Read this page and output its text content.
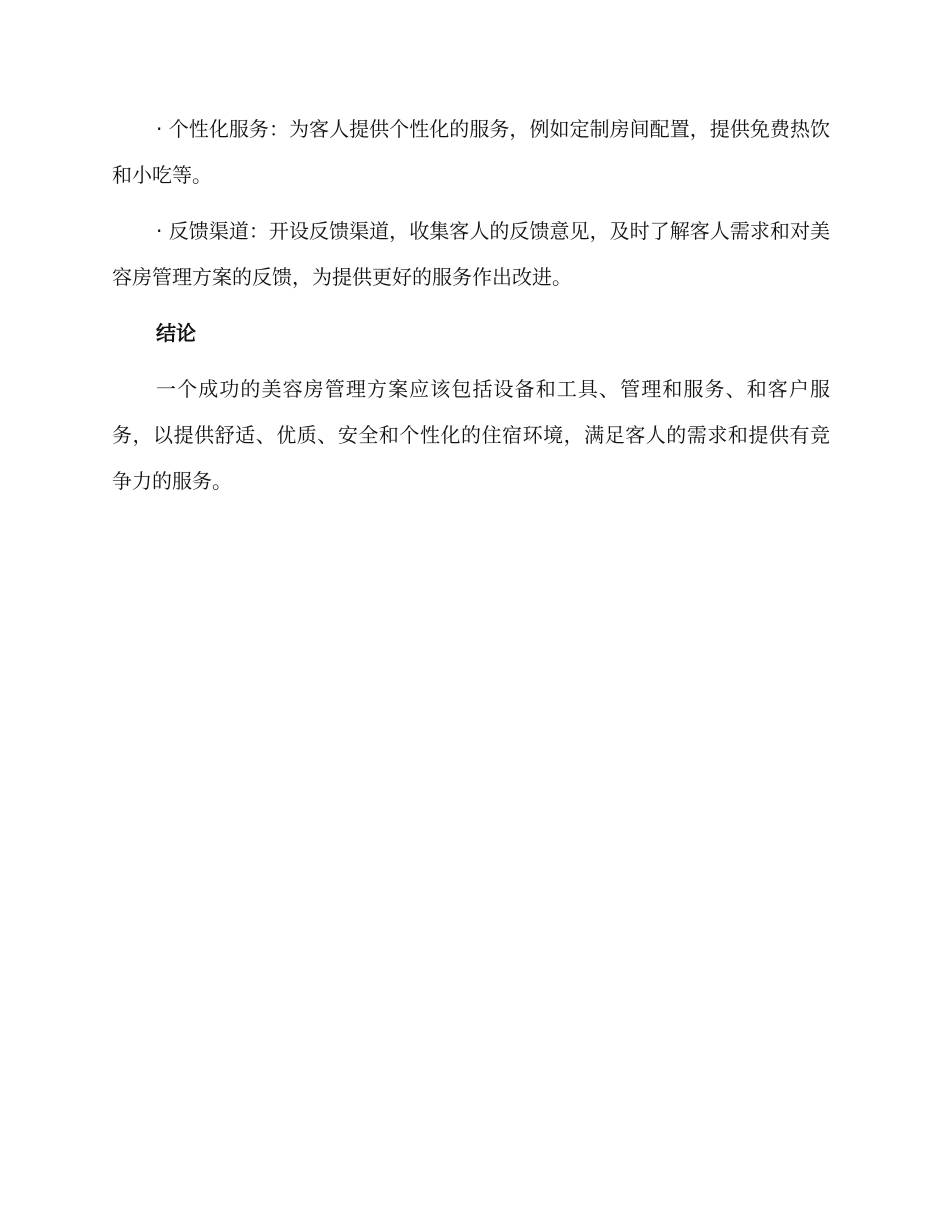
· 个性化服务：为客人提供个性化的服务，例如定制房间配置，提供免费热饮和小吃等。

· 反馈渠道：开设反馈渠道，收集客人的反馈意见，及时了解客人需求和对美容房管理方案的反馈，为提供更好的服务作出改进。

结论

一个成功的美容房管理方案应该包括设备和工具、管理和服务、和客户服务，以提供舒适、优质、安全和个性化的住宿环境，满足客人的需求和提供有竞争力的服务。
